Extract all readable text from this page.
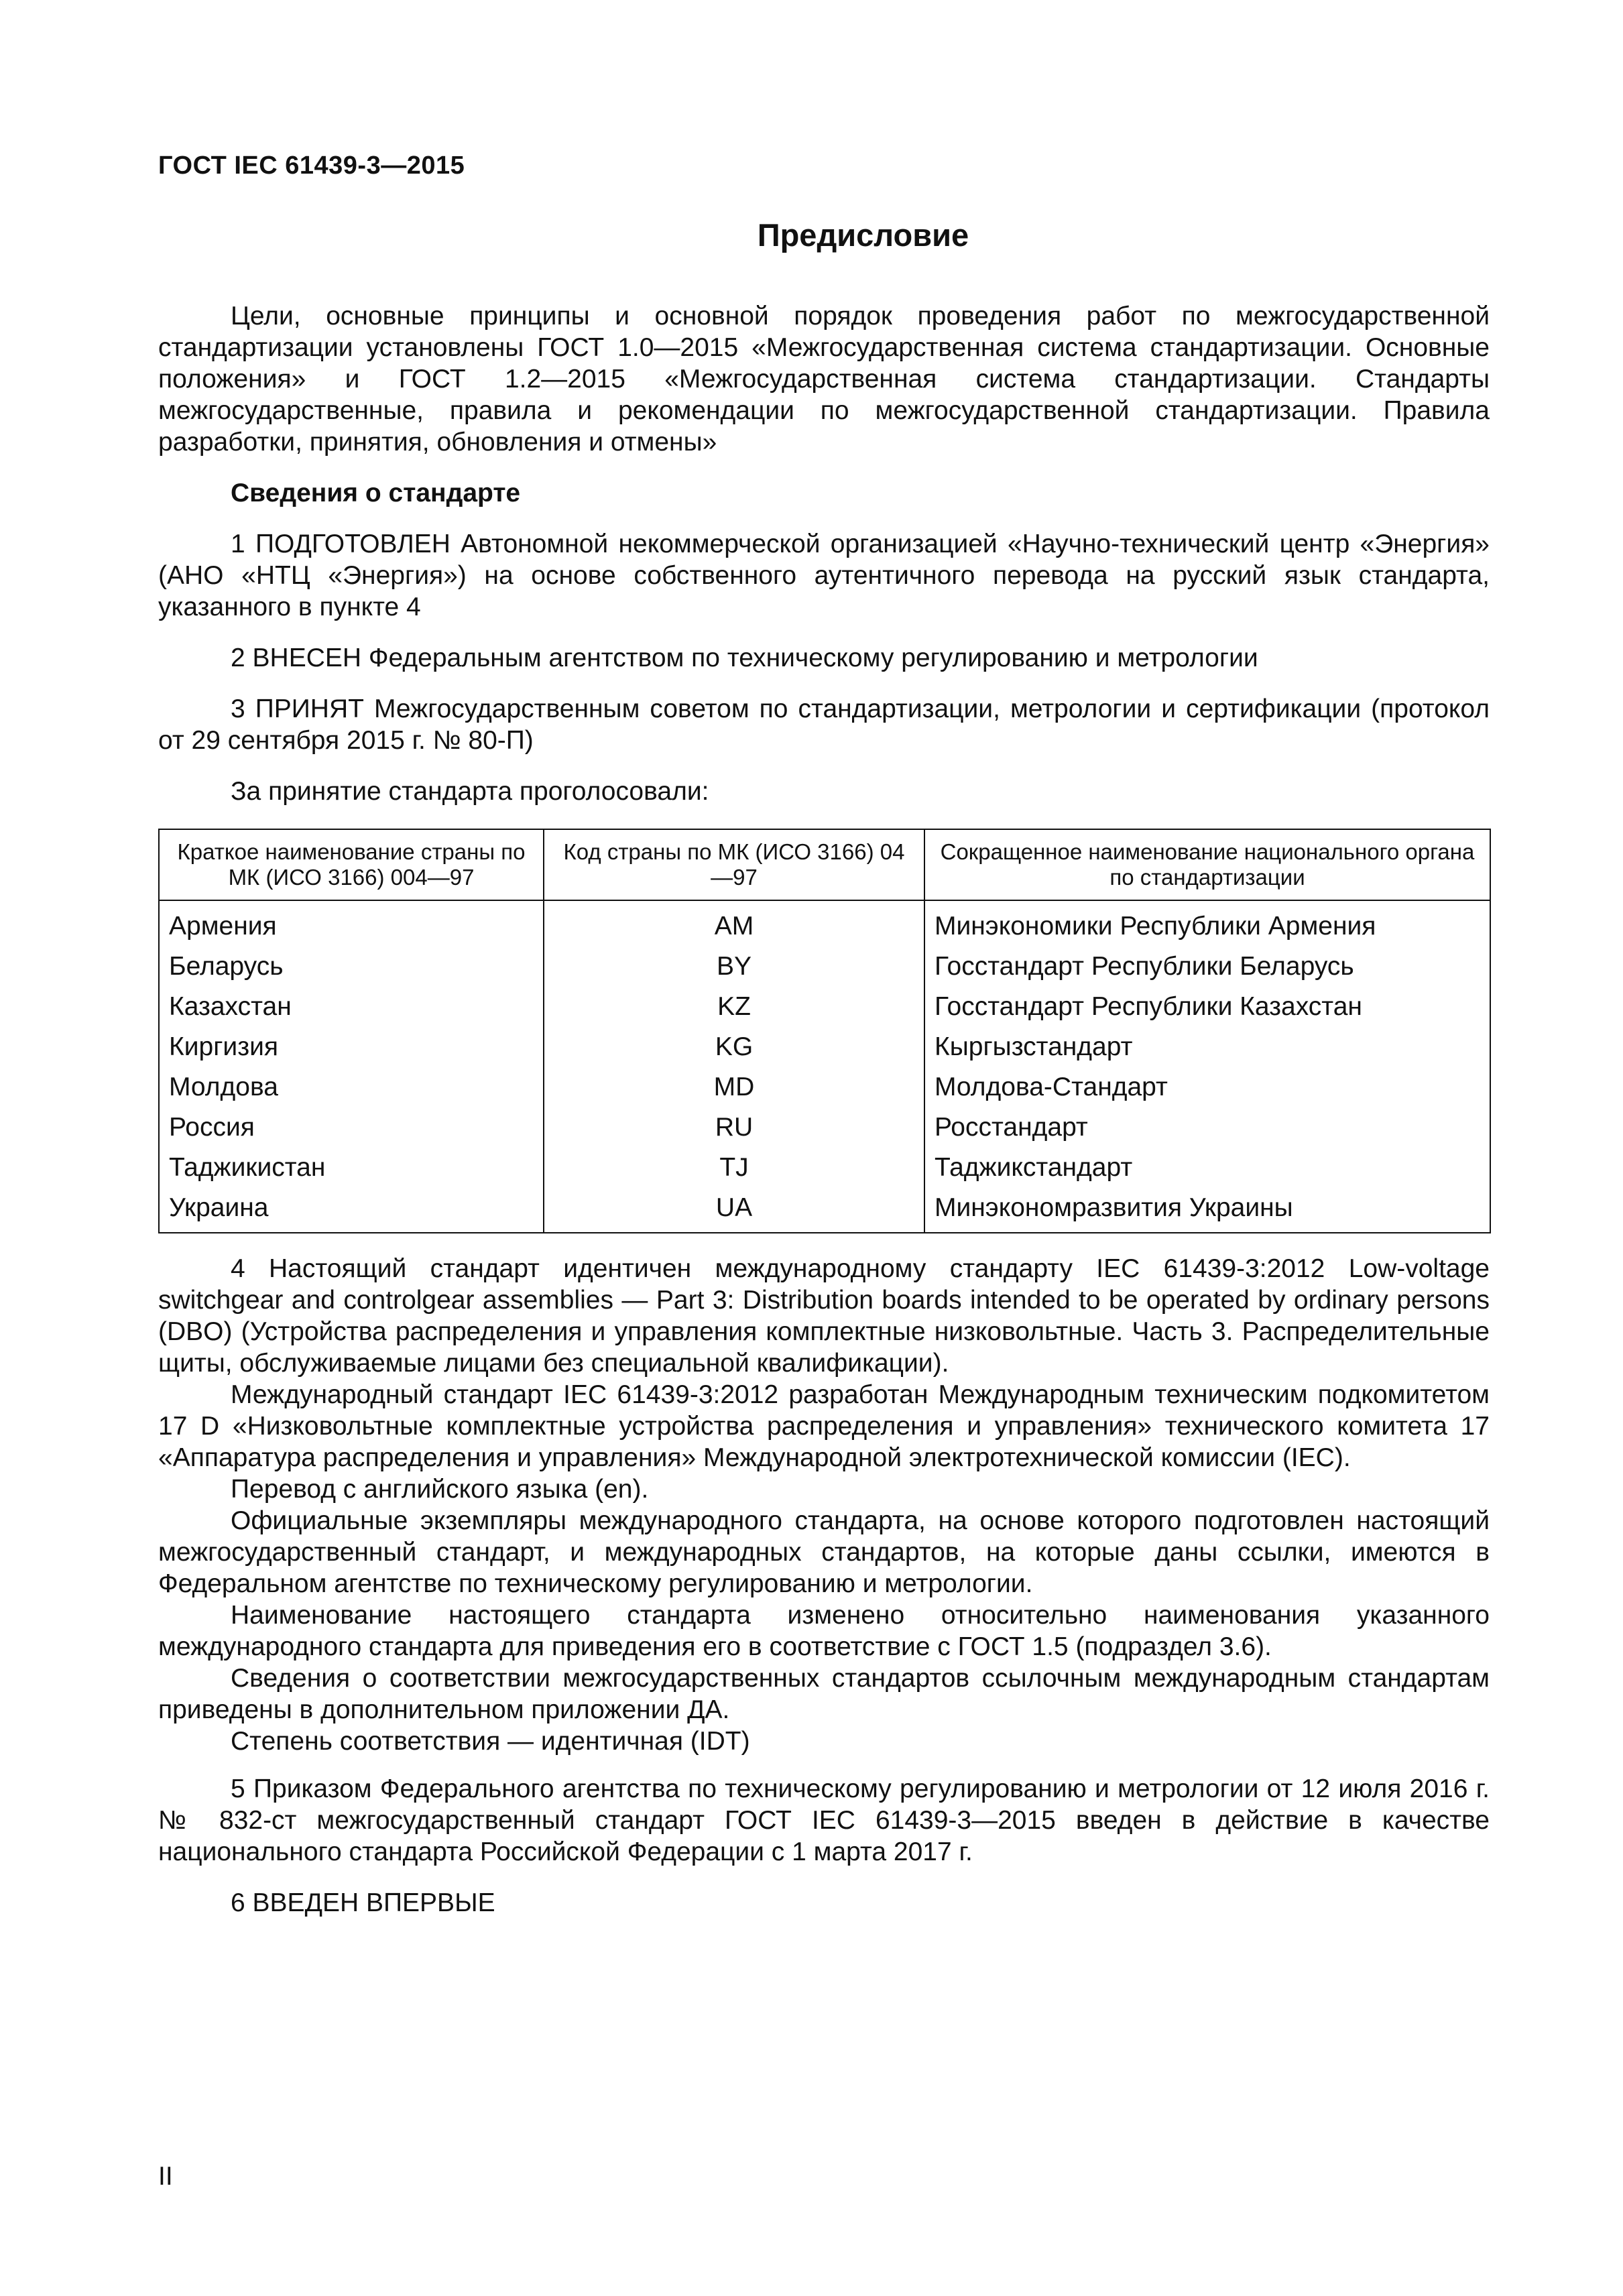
ГОСТ IEC 61439-3—2015
Предисловие

Цели, основные принципы и основной порядок проведения работ по межгосударственной стандартизации установлены ГОСТ 1.0—2015 «Межгосударственная система стандартизации. Основные положения» и ГОСТ 1.2—2015 «Межгосударственная система стандартизации. Стандарты межгосударственные, правила и рекомендации по межгосударственной стандартизации. Правила разработки, принятия, обновления и отмены»

Сведения о стандарте

1 ПОДГОТОВЛЕН Автономной некоммерческой организацией «Научно-технический центр «Энергия» (АНО «НТЦ «Энергия») на основе собственного аутентичного перевода на русский язык стандарта, указанного в пункте 4

2 ВНЕСЕН Федеральным агентством по техническому регулированию и метрологии

3 ПРИНЯТ Межгосударственным советом по стандартизации, метрологии и сертификации (протокол от 29 сентября 2015 г. № 80-П)

За принятие стандарта проголосовали:

Краткое наименование страны по МК (ИСО 3166) 004—97	Код страны по МК (ИСО 3166) 04—97	Сокращенное наименование национального органа по стандартизации
Армения	AM	Минэкономики Республики Армения
Беларусь	BY	Госстандарт Республики Беларусь
Казахстан	KZ	Госстандарт Республики Казахстан
Киргизия	KG	Кыргызстандарт
Молдова	MD	Молдова-Стандарт
Россия	RU	Росстандарт
Таджикистан	TJ	Таджикстандарт
Украина	UA	Минэкономразвития Украины

4 Настоящий стандарт идентичен международному стандарту IEC 61439-3:2012 Low-voltage switchgear and controlgear assemblies — Part 3: Distribution boards intended to be operated by ordinary persons (DBO) (Устройства распределения и управления комплектные низковольтные. Часть 3. Распределительные щиты, обслуживаемые лицами без специальной квалификации).

Международный стандарт IEC 61439-3:2012 разработан Международным техническим подкомитетом 17 D «Низковольтные комплектные устройства распределения и управления» технического комитета 17 «Аппаратура распределения и управления» Международной электротехнической комиссии (IEC).

Перевод с английского языка (en).

Официальные экземпляры международного стандарта, на основе которого подготовлен настоящий межгосударственный стандарт, и международных стандартов, на которые даны ссылки, имеются в Федеральном агентстве по техническому регулированию и метрологии.

Наименование настоящего стандарта изменено относительно наименования указанного международного стандарта для приведения его в соответствие с ГОСТ 1.5 (подраздел 3.6).

Сведения о соответствии межгосударственных стандартов ссылочным международным стандартам приведены в дополнительном приложении ДА.

Степень соответствия — идентичная (IDT)

5 Приказом Федерального агентства по техническому регулированию и метрологии от 12 июля 2016 г. № 832-ст межгосударственный стандарт ГОСТ IEC 61439-3—2015 введен в действие в качестве национального стандарта Российской Федерации с 1 марта 2017 г.

6 ВВЕДЕН ВПЕРВЫЕ

II
